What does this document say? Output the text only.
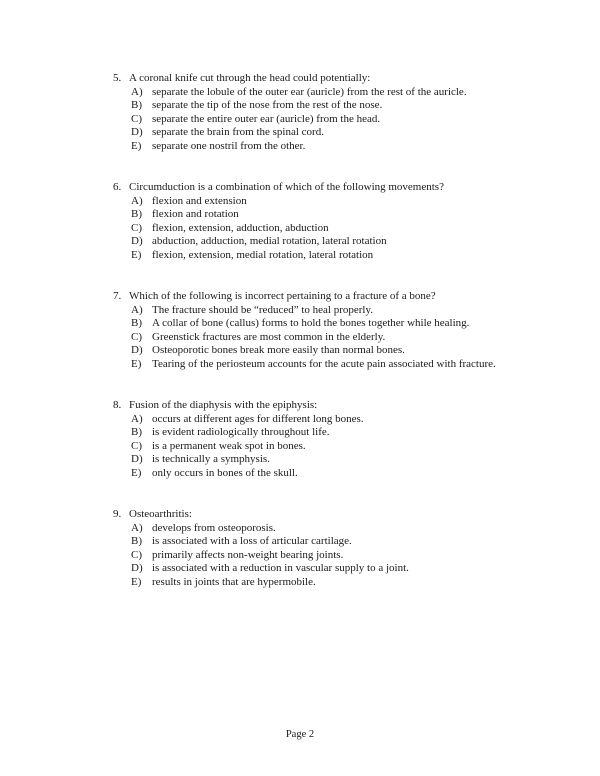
5. A coronal knife cut through the head could potentially:
A) separate the lobule of the outer ear (auricle) from the rest of the auricle.
B) separate the tip of the nose from the rest of the nose.
C) separate the entire outer ear (auricle) from the head.
D) separate the brain from the spinal cord.
E) separate one nostril from the other.
6. Circumduction is a combination of which of the following movements?
A) flexion and extension
B) flexion and rotation
C) flexion, extension, adduction, abduction
D) abduction, adduction, medial rotation, lateral rotation
E) flexion, extension, medial rotation, lateral rotation
7. Which of the following is incorrect pertaining to a fracture of a bone?
A) The fracture should be “reduced” to heal properly.
B) A collar of bone (callus) forms to hold the bones together while healing.
C) Greenstick fractures are most common in the elderly.
D) Osteoporotic bones break more easily than normal bones.
E) Tearing of the periosteum accounts for the acute pain associated with fracture.
8. Fusion of the diaphysis with the epiphysis:
A) occurs at different ages for different long bones.
B) is evident radiologically throughout life.
C) is a permanent weak spot in bones.
D) is technically a symphysis.
E) only occurs in bones of the skull.
9. Osteoarthritis:
A) develops from osteoporosis.
B) is associated with a loss of articular cartilage.
C) primarily affects non-weight bearing joints.
D) is associated with a reduction in vascular supply to a joint.
E) results in joints that are hypermobile.
Page 2
